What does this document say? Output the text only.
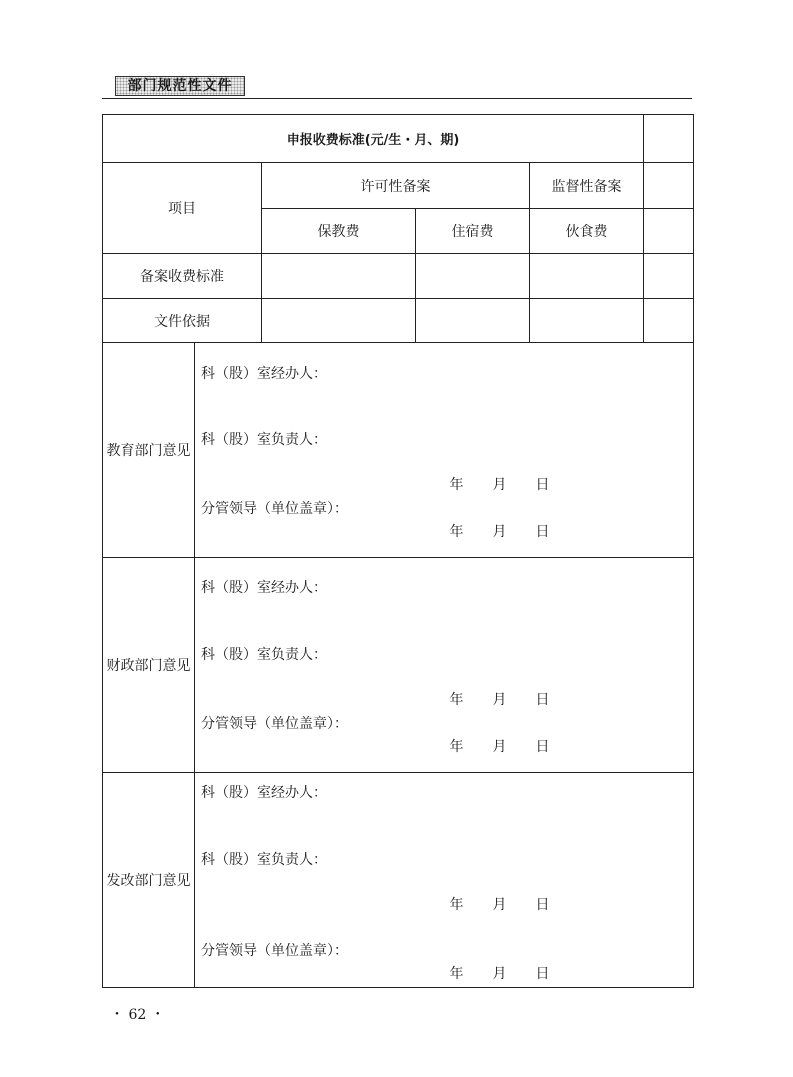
部门规范性文件
申报收费标准(元/生・月、期)					
项目		许可性备案		监督性备案	
		保教费	住宿费	伙食费	
备案收费标准					
文件依据					
教育部门意见	科（股）室经办人：
科（股）室负责人：
年 月 日
分管领导（单位盖章）：
年 月 日				

财政部门意见	科（股）室经办人：
科（股）室负责人：
年 月 日
分管领导（单位盖章）：
年 月 日				

发改部门意见	科（股）室经办人：
科（股）室负责人：
年 月 日
分管领导（单位盖章）：
年 月 日				
・ 62 ・
